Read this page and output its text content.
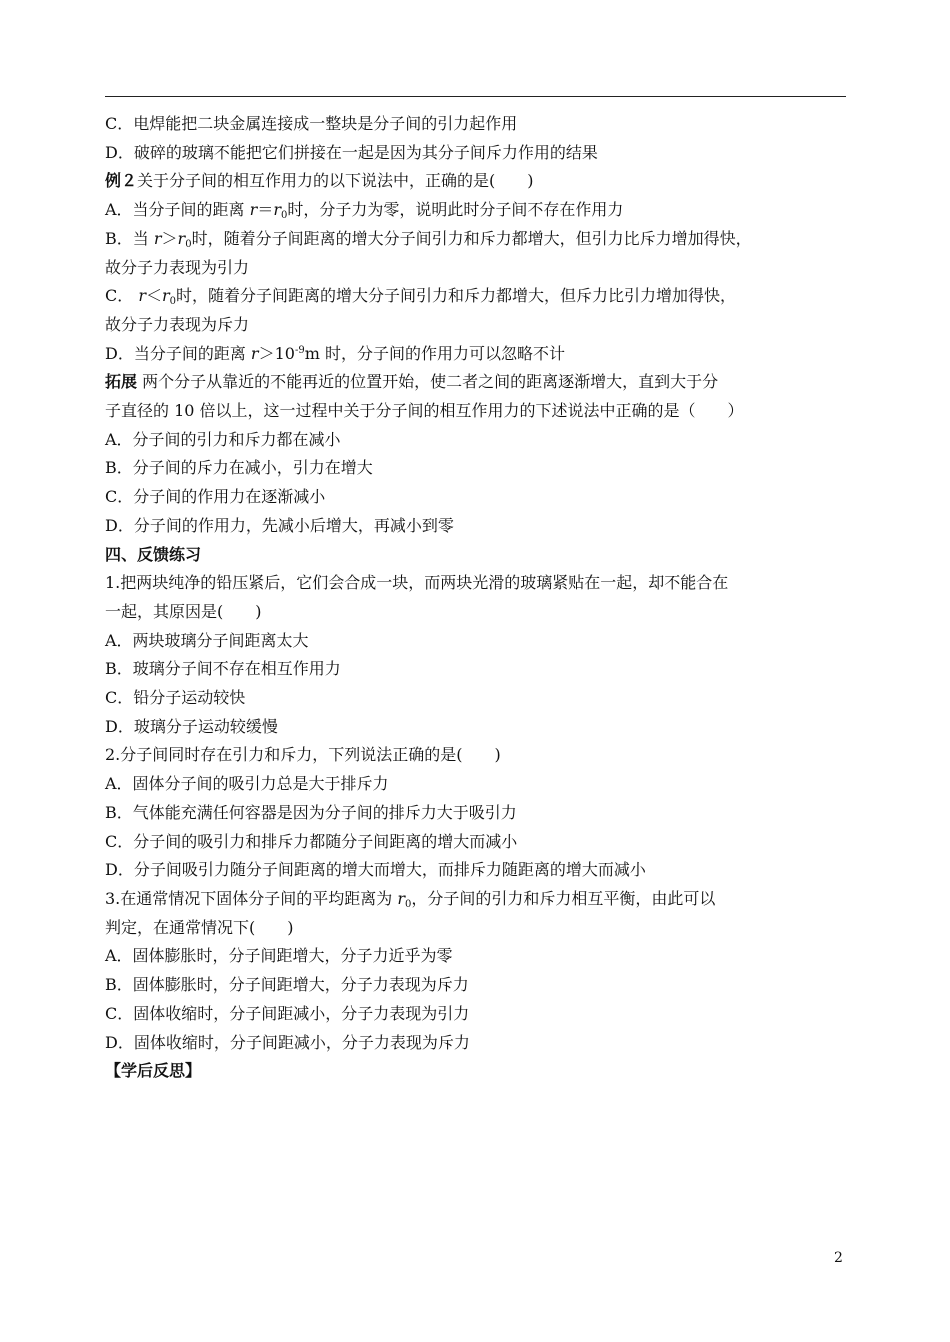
C．电焊能把二块金属连接成一整块是分子间的引力起作用
D．破碎的玻璃不能把它们拼接在一起是因为其分子间斥力作用的结果
例２关于分子间的相互作用力的以下说法中，正确的是(　　)
A．当分子间的距离 $r=r_0$时，分子力为零，说明此时分子间不存在作用力
B．当 $r>r_0$时，随着分子间距离的增大分子间引力和斥力都增大，但引力比斥力增加得快，
故分子力表现为引力
C． $r<r_0$时，随着分子间距离的增大分子间引力和斥力都增大，但斥力比引力增加得快，
故分子力表现为斥力
D．当分子间的距离 $r>10^{-9}m$ 时，分子间的作用力可以忽略不计
拓展 两个分子从靠近的不能再近的位置开始，使二者之间的距离逐渐增大，直到大于分
子直径的 10 倍以上，这一过程中关于分子间的相互作用力的下述说法中正确的是（　　）
A．分子间的引力和斥力都在减小
B．分子间的斥力在减小，引力在增大
C．分子间的作用力在逐渐减小
D．分子间的作用力，先减小后增大，再减小到零
四、反馈练习
1.把两块纯净的铅压紧后，它们会合成一块，而两块光滑的玻璃紧贴在一起，却不能合在
一起，其原因是(　　)
A．两块玻璃分子间距离太大
B．玻璃分子间不存在相互作用力
C．铅分子运动较快
D．玻璃分子运动较缓慢
2.分子间同时存在引力和斥力，下列说法正确的是(　　)
A．固体分子间的吸引力总是大于排斥力
B．气体能充满任何容器是因为分子间的排斥力大于吸引力
C．分子间的吸引力和排斥力都随分子间距离的增大而减小
D．分子间吸引力随分子间距离的增大而增大，而排斥力随距离的增大而减小
3.在通常情况下固体分子间的平均距离为 $r_0$，分子间的引力和斥力相互平衡，由此可以
判定，在通常情况下(　　)
A．固体膨胀时，分子间距增大，分子力近乎为零
B．固体膨胀时，分子间距增大，分子力表现为斥力
C．固体收缩时，分子间距减小，分子力表现为引力
D．固体收缩时，分子间距减小，分子力表现为斥力
【学后反思】
2
